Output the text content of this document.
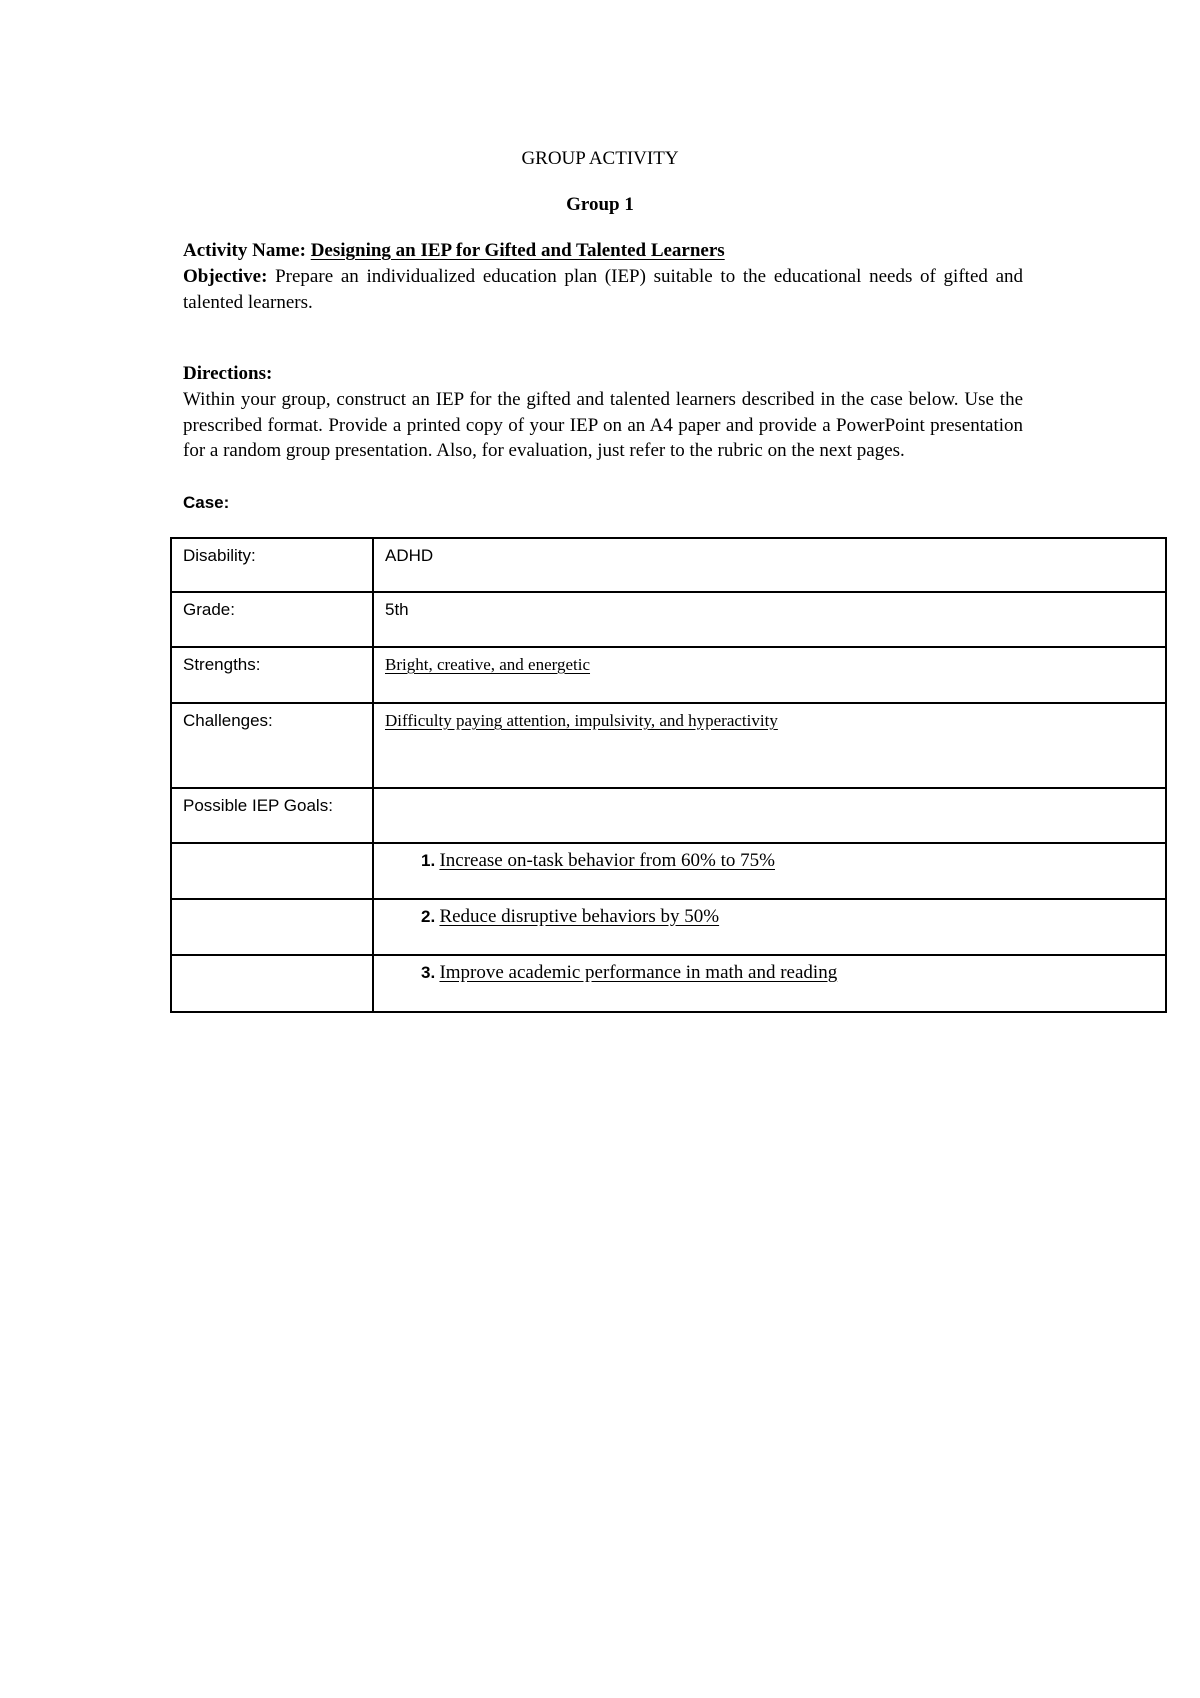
GROUP ACTIVITY
Group 1
Activity Name: Designing an IEP for Gifted and Talented Learners
Objective: Prepare an individualized education plan (IEP) suitable to the educational needs of gifted and talented learners.
Directions:
Within your group, construct an IEP for the gifted and talented learners described in the case below. Use the prescribed format. Provide a printed copy of your IEP on an A4 paper and provide a PowerPoint presentation for a random group presentation. Also, for evaluation, just refer to the rubric on the next pages.
Case:
Disability:	ADHD
Grade:	5th
Strengths:	Bright, creative, and energetic
Challenges:	Difficulty paying attention, impulsivity, and hyperactivity
Possible IEP Goals:	

	1. Increase on-task behavior from 60% to 75%

	2. Reduce disruptive behaviors by 50%

	3. Improve academic performance in math and reading
